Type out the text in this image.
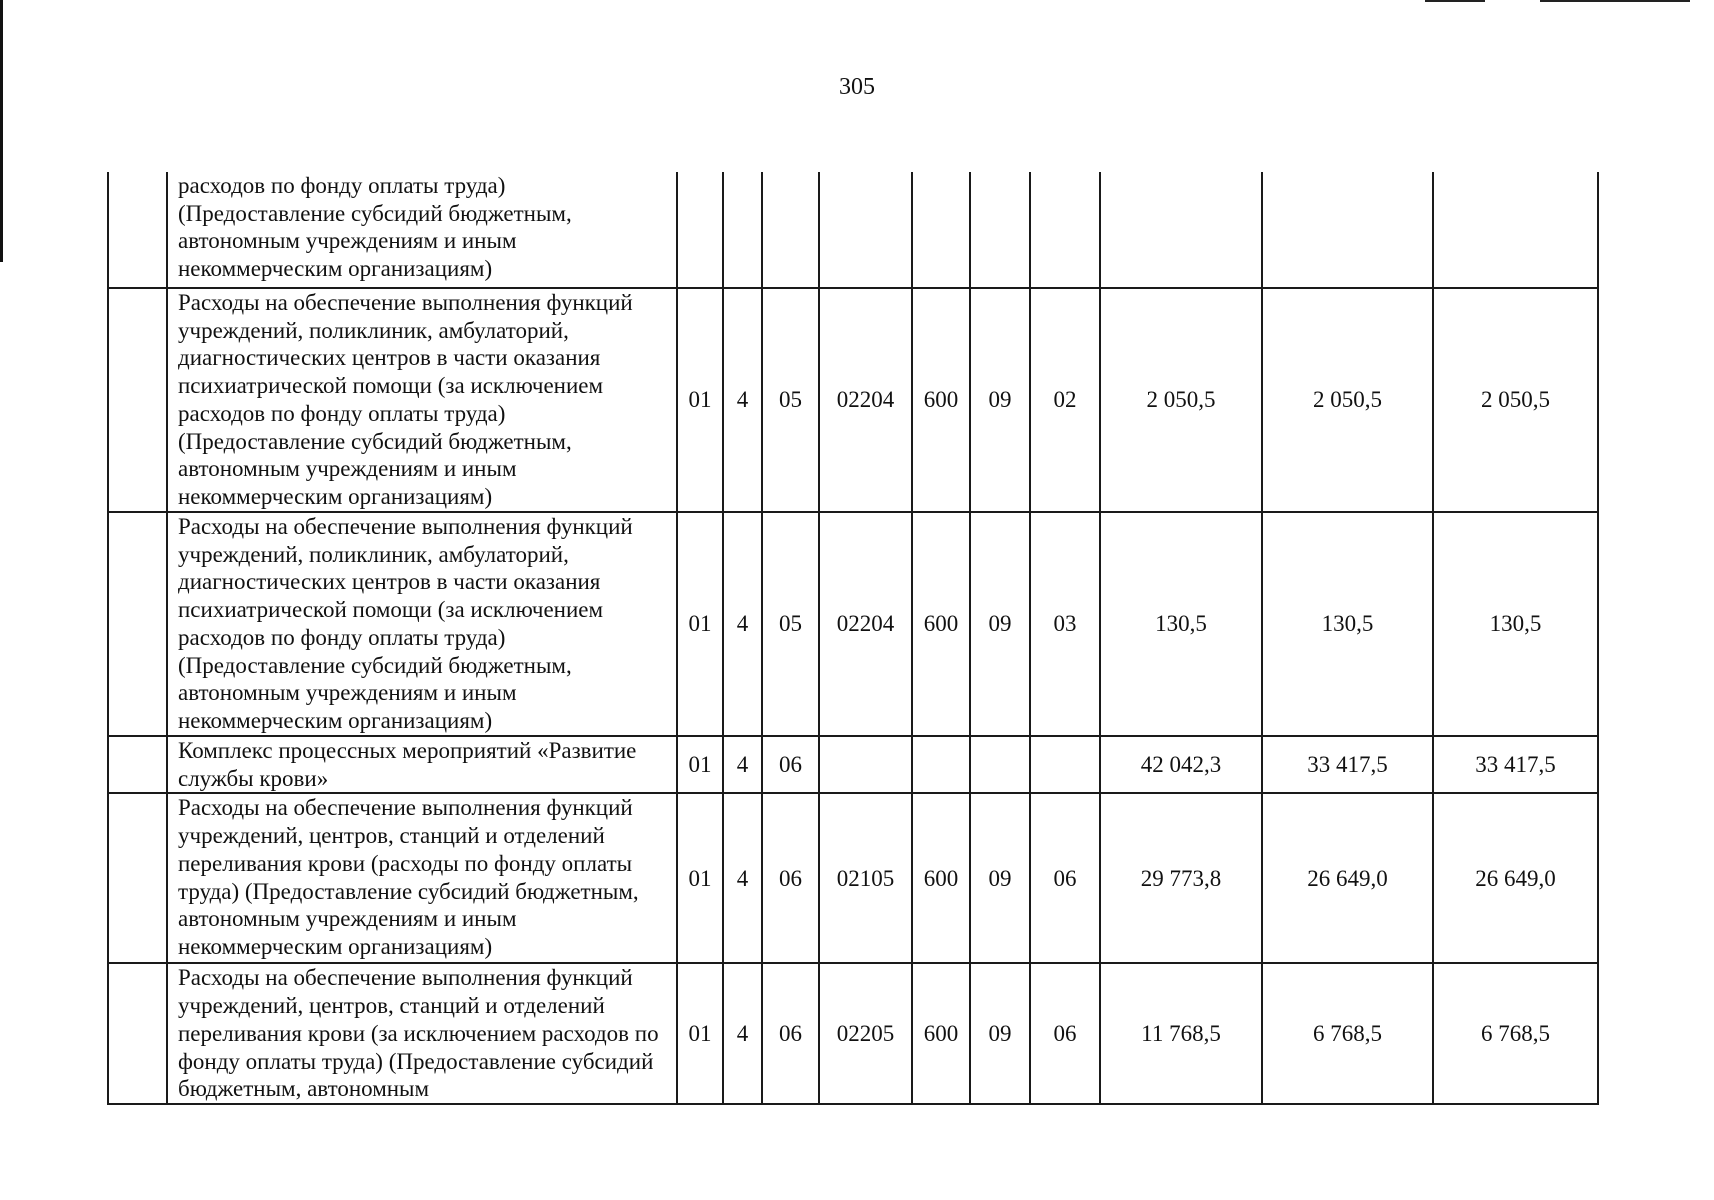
305
	расходов по фонду оплаты труда) (Предоставление субсидий бюджетным, автономным учреждениям и иным некоммерческим организациям)										
	Расходы на обеспечение выполнения функций учреждений, поликлиник, амбулаторий, диагностических центров в части оказания психиатрической помощи (за исключением расходов по фонду оплаты труда) (Предоставление субсидий бюджетным, автономным учреждениям и иным некоммерческим организациям)	01	4	05	02204	600	09	02	2 050,5	2 050,5	2 050,5
	Расходы на обеспечение выполнения функций учреждений, поликлиник, амбулаторий, диагностических центров в части оказания психиатрической помощи (за исключением расходов по фонду оплаты труда) (Предоставление субсидий бюджетным, автономным учреждениям и иным некоммерческим организациям)	01	4	05	02204	600	09	03	130,5	130,5	130,5
	Комплекс процессных мероприятий «Развитие службы крови»	01	4	06					42 042,3	33 417,5	33 417,5
	Расходы на обеспечение выполнения функций учреждений, центров, станций и отделений переливания крови (расходы по фонду оплаты труда) (Предоставление субсидий бюджетным, автономным учреждениям и иным некоммерческим организациям)	01	4	06	02105	600	09	06	29 773,8	26 649,0	26 649,0
	Расходы на обеспечение выполнения функций учреждений, центров, станций и отделений переливания крови (за исключением расходов по фонду оплаты труда) (Предоставление субсидий бюджетным, автономным	01	4	06	02205	600	09	06	11 768,5	6 768,5	6 768,5
